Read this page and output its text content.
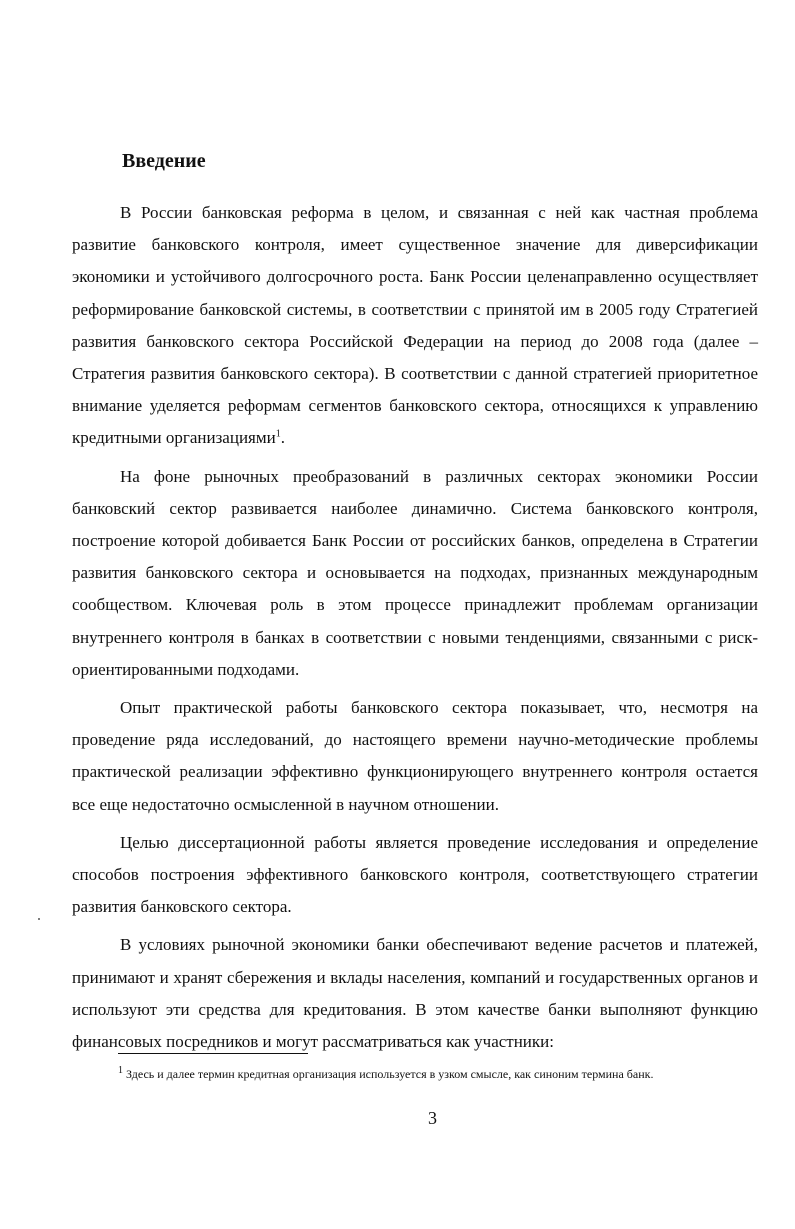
Введение

В России банковская реформа в целом, и связанная с ней как частная проблема развитие банковского контроля, имеет существенное значение для диверсификации экономики и устойчивого долгосрочного роста. Банк России целенаправленно осуществляет реформирование банковской системы, в соответствии с принятой им в 2005 году Стратегией развития банковского сектора Российской Федерации на период до 2008 года (далее – Стратегия развития банковского сектора). В соответствии с данной стратегией приоритетное внимание уделяется реформам сегментов банковского сектора, относящихся к управлению кредитными организациями$^1$.

На фоне рыночных преобразований в различных секторах экономики России банковский сектор развивается наиболее динамично. Система банковского контроля, построение которой добивается Банк России от российских банков, определена в Стратегии развития банковского сектора и основывается на подходах, признанных международным сообществом. Ключевая роль в этом процессе принадлежит проблемам организации внутреннего контроля в банках в соответствии с новыми тенденциями, связанными с риск-ориентированными подходами.

Опыт практической работы банковского сектора показывает, что, несмотря на проведение ряда исследований, до настоящего времени научно-методические проблемы практической реализации эффективно функционирующего внутреннего контроля остается все еще недостаточно осмысленной в научном отношении.

Целью диссертационной работы является проведение исследования и определение способов построения эффективного банковского контроля, соответствующего стратегии развития банковского сектора.

В условиях рыночной экономики банки обеспечивают ведение расчетов и платежей, принимают и хранят сбережения и вклады населения, компаний и государственных органов и используют эти средства для кредитования. В этом качестве банки выполняют функцию финансовых посредников и могут рассматриваться как участники:

$^1$ Здесь и далее термин кредитная организация используется в узком смысле, как синоним термина банк.

3
